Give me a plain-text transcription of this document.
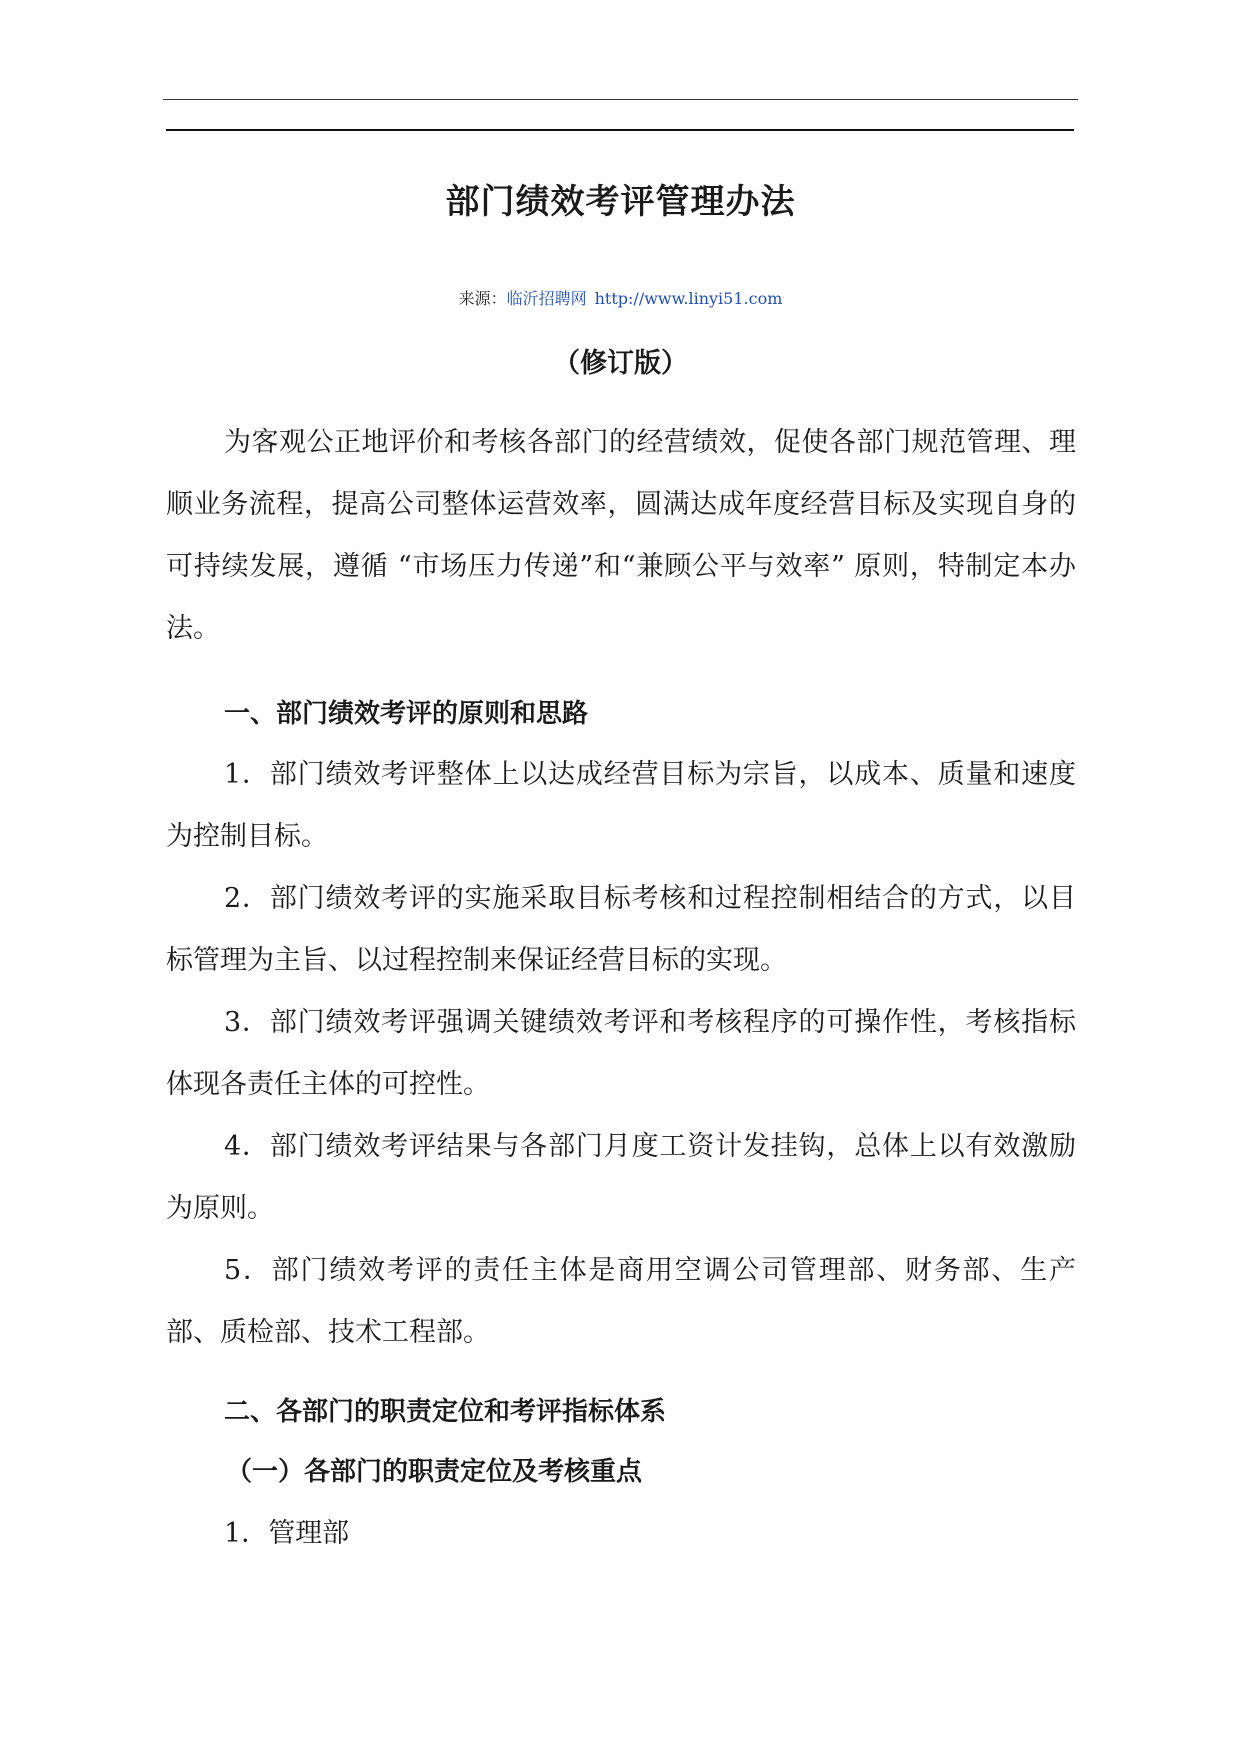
部门绩效考评管理办法
来源：临沂招聘网 http://www.linyi51.com
（修订版）

为客观公正地评价和考核各部门的经营绩效，促使各部门规范管理、理顺业务流程，提高公司整体运营效率，圆满达成年度经营目标及实现自身的可持续发展，遵循 “市场压力传递”和“兼顾公平与效率” 原则，特制定本办法。

一、部门绩效考评的原则和思路

1．部门绩效考评整体上以达成经营目标为宗旨，以成本、质量和速度为控制目标。

2．部门绩效考评的实施采取目标考核和过程控制相结合的方式，以目标管理为主旨、以过程控制来保证经营目标的实现。

3．部门绩效考评强调关键绩效考评和考核程序的可操作性，考核指标体现各责任主体的可控性。

4．部门绩效考评结果与各部门月度工资计发挂钩，总体上以有效激励为原则。

5．部门绩效考评的责任主体是商用空调公司管理部、财务部、生产部、质检部、技术工程部。

二、各部门的职责定位和考评指标体系
（一）各部门的职责定位及考核重点
1．管理部
